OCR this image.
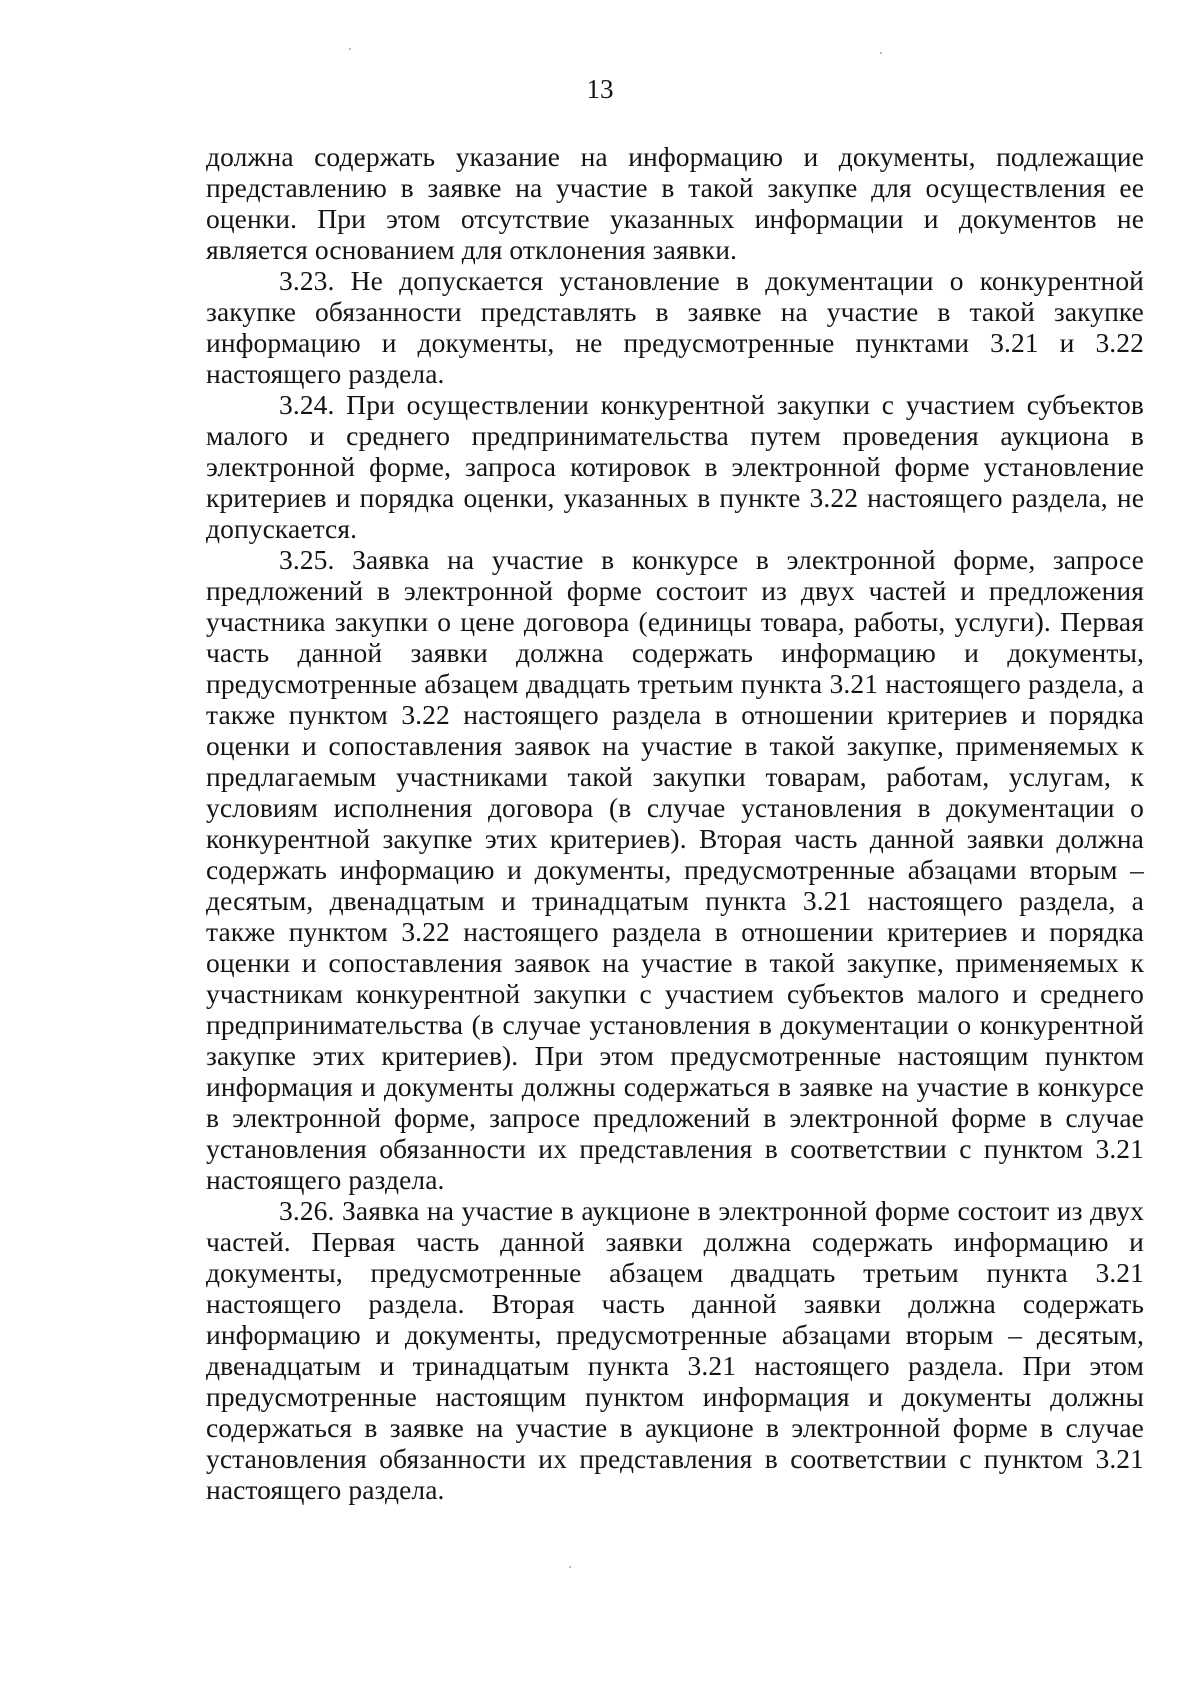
13

должна содержать указание на информацию и документы, подлежащие представлению в заявке на участие в такой закупке для осуществления ее оценки. При этом отсутствие указанных информации и документов не является основанием для отклонения заявки.

3.23. Не допускается установление в документации о конкурентной закупке обязанности представлять в заявке на участие в такой закупке информацию и документы, не предусмотренные пунктами 3.21 и 3.22 настоящего раздела.

3.24. При осуществлении конкурентной закупки с участием субъектов малого и среднего предпринимательства путем проведения аукциона в электронной форме, запроса котировок в электронной форме установление критериев и порядка оценки, указанных в пункте 3.22 настоящего раздела, не допускается.

3.25. Заявка на участие в конкурсе в электронной форме, запросе предложений в электронной форме состоит из двух частей и предложения участника закупки о цене договора (единицы товара, работы, услуги). Первая часть данной заявки должна содержать информацию и документы, предусмотренные абзацем двадцать третьим пункта 3.21 настоящего раздела, а также пунктом 3.22 настоящего раздела в отношении критериев и порядка оценки и сопоставления заявок на участие в такой закупке, применяемых к предлагаемым участниками такой закупки товарам, работам, услугам, к условиям исполнения договора (в случае установления в документации о конкурентной закупке этих критериев). Вторая часть данной заявки должна содержать информацию и документы, предусмотренные абзацами вторым – десятым, двенадцатым и тринадцатым пункта 3.21 настоящего раздела, а также пунктом 3.22 настоящего раздела в отношении критериев и порядка оценки и сопоставления заявок на участие в такой закупке, применяемых к участникам конкурентной закупки с участием субъектов малого и среднего предпринимательства (в случае установления в документации о конкурентной закупке этих критериев). При этом предусмотренные настоящим пунктом информация и документы должны содержаться в заявке на участие в конкурсе в электронной форме, запросе предложений в электронной форме в случае установления обязанности их представления в соответствии с пунктом 3.21 настоящего раздела.

3.26. Заявка на участие в аукционе в электронной форме состоит из двух частей. Первая часть данной заявки должна содержать информацию и документы, предусмотренные абзацем двадцать третьим пункта 3.21 настоящего раздела. Вторая часть данной заявки должна содержать информацию и документы, предусмотренные абзацами вторым – десятым, двенадцатым и тринадцатым пункта 3.21 настоящего раздела. При этом предусмотренные настоящим пунктом информация и документы должны содержаться в заявке на участие в аукционе в электронной форме в случае установления обязанности их представления в соответствии с пунктом 3.21 настоящего раздела.
